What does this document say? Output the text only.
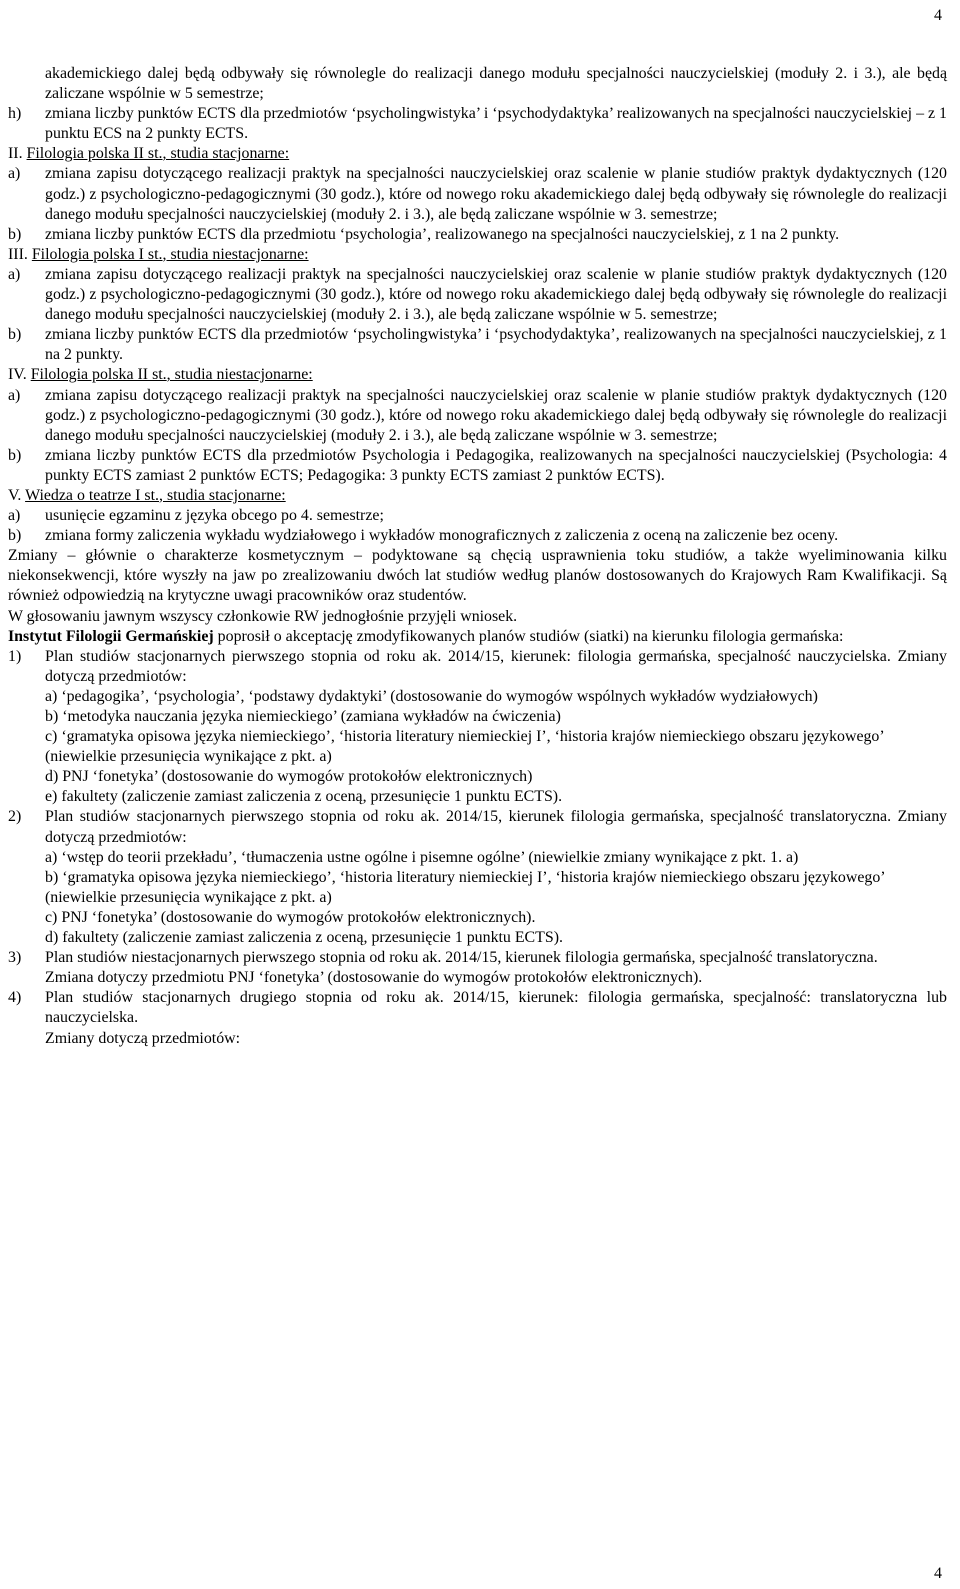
4
akademickiego dalej będą odbywały się równolegle do realizacji danego modułu specjalności nauczycielskiej (moduły 2. i 3.), ale będą zaliczane wspólnie w 5 semestrze;
h)	zmiana liczby punktów ECTS dla przedmiotów ‘psycholingwistyka’ i ‘psychodydaktyka’ realizowanych na specjalności nauczycielskiej – z 1 punktu ECS na 2 punkty ECTS.
II. Filologia polska II st., studia stacjonarne:
a)	zmiana zapisu dotyczącego realizacji praktyk na specjalności nauczycielskiej oraz scalenie w planie studiów praktyk dydaktycznych (120 godz.) z psychologiczno-pedagogicznymi (30 godz.), które od nowego roku akademickiego dalej będą odbywały się równolegle do realizacji danego modułu specjalności nauczycielskiej (moduły 2. i 3.), ale będą zaliczane wspólnie w 3. semestrze;
b)	zmiana liczby punktów ECTS dla przedmiotu ‘psychologia’, realizowanego na specjalności nauczycielskiej, z 1 na 2 punkty.
III. Filologia polska I st., studia niestacjonarne:
a)	zmiana zapisu dotyczącego realizacji praktyk na specjalności nauczycielskiej oraz scalenie w planie studiów praktyk dydaktycznych (120 godz.) z psychologiczno-pedagogicznymi (30 godz.), które od nowego roku akademickiego dalej będą odbywały się równolegle do realizacji danego modułu specjalności nauczycielskiej (moduły 2. i 3.), ale będą zaliczane wspólnie w 5. semestrze;
b)	zmiana liczby punktów ECTS dla przedmiotów ‘psycholingwistyka’ i ‘psychodydaktyka’, realizowanych na specjalności nauczycielskiej, z 1 na 2 punkty.
IV. Filologia polska II st., studia niestacjonarne:
a)	zmiana zapisu dotyczącego realizacji praktyk na specjalności nauczycielskiej oraz scalenie w planie studiów praktyk dydaktycznych (120 godz.) z psychologiczno-pedagogicznymi (30 godz.), które od nowego roku akademickiego dalej będą odbywały się równolegle do realizacji danego modułu specjalności nauczycielskiej (moduły 2. i 3.), ale będą zaliczane wspólnie w 3. semestrze;
b)	zmiana liczby punktów ECTS dla przedmiotów Psychologia i Pedagogika, realizowanych na specjalności nauczycielskiej (Psychologia: 4 punkty ECTS zamiast 2 punktów ECTS; Pedagogika: 3 punkty ECTS zamiast 2 punktów ECTS).
V. Wiedza o teatrze I st., studia stacjonarne:
a)	usunięcie egzaminu z języka obcego po 4. semestrze;
b)	zmiana formy zaliczenia wykładu wydziałowego i wykładów monograficznych z zaliczenia z oceną na zaliczenie bez oceny.
Zmiany – głównie o charakterze kosmetycznym – podyktowane są chęcią usprawnienia toku studiów, a także wyeliminowania kilku niekonsekwencji, które wyszły na jaw po zrealizowaniu dwóch lat studiów według planów dostosowanych do Krajowych Ram Kwalifikacji. Są również odpowiedzią na krytyczne uwagi pracowników oraz studentów.
W głosowaniu jawnym wszyscy członkowie RW jednogłośnie przyjęli wniosek.
Instytut Filologii Germańskiej poprosił o akceptację zmodyfikowanych planów studiów (siatki) na kierunku filologia germańska:
1)	Plan studiów stacjonarnych pierwszego stopnia od roku ak. 2014/15, kierunek: filologia germańska, specjalność nauczycielska. Zmiany dotyczą przedmiotów:
a) ‘pedagogika’, ‘psychologia’, ‘podstawy dydaktyki’ (dostosowanie do wymogów wspólnych wykładów wydziałowych)
b) ‘metodyka nauczania języka niemieckiego’ (zamiana wykładów na ćwiczenia)
c) ‘gramatyka opisowa języka niemieckiego’, ‘historia literatury niemieckiej I’, ‘historia krajów niemieckiego obszaru językowego’ (niewielkie przesunięcia wynikające z pkt. a)
d) PNJ ‘fonetyka’ (dostosowanie do wymogów protokołów elektronicznych)
e) fakultety (zaliczenie zamiast zaliczenia z oceną, przesunięcie 1 punktu ECTS).
2)	Plan studiów stacjonarnych pierwszego stopnia od roku ak. 2014/15, kierunek filologia germańska, specjalność translatoryczna. Zmiany dotyczą przedmiotów:
a) ‘wstęp do teorii przekładu’, ‘tłumaczenia ustne ogólne i pisemne ogólne’ (niewielkie zmiany wynikające z pkt. 1. a)
b) ‘gramatyka opisowa języka niemieckiego’, ‘historia literatury niemieckiej I’, ‘historia krajów niemieckiego obszaru językowego’ (niewielkie przesunięcia wynikające z pkt. a)
c) PNJ ‘fonetyka’ (dostosowanie do wymogów protokołów elektronicznych).
d) fakultety (zaliczenie zamiast zaliczenia z oceną, przesunięcie 1 punktu ECTS).
3)	Plan studiów niestacjonarnych pierwszego stopnia od roku ak. 2014/15, kierunek filologia germańska, specjalność translatoryczna.
Zmiana dotyczy przedmiotu PNJ ‘fonetyka’ (dostosowanie do wymogów protokołów elektronicznych).
4)	Plan studiów stacjonarnych drugiego stopnia od roku ak. 2014/15, kierunek: filologia germańska, specjalność: translatoryczna lub nauczycielska.
Zmiany dotyczą przedmiotów:
4
